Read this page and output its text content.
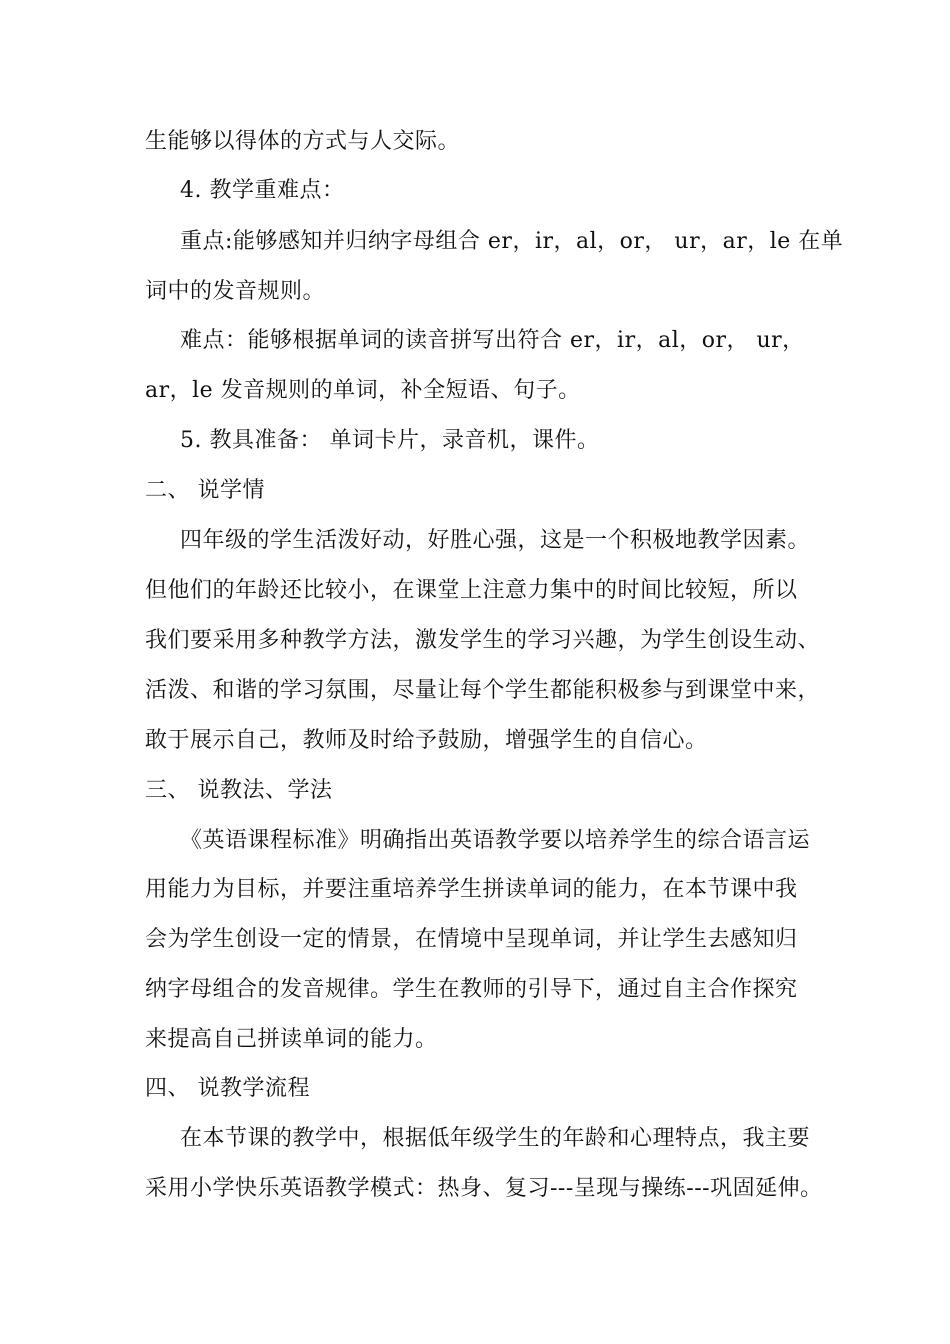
生能够以得体的方式与人交际。
4. 教学重难点：
重点:能够感知并归纳字母组合 er，ir，al，or， ur，ar，le 在单
词中的发音规则。
难点：能够根据单词的读音拼写出符合 er，ir，al，or， ur，
ar，le 发音规则的单词，补全短语、句子。
5. 教具准备： 单词卡片，录音机，课件。
二、 说学情
四年级的学生活泼好动，好胜心强，这是一个积极地教学因素。
但他们的年龄还比较小，在课堂上注意力集中的时间比较短，所以
我们要采用多种教学方法，激发学生的学习兴趣，为学生创设生动、
活泼、和谐的学习氛围，尽量让每个学生都能积极参与到课堂中来，
敢于展示自己，教师及时给予鼓励，增强学生的自信心。
三、 说教法、学法
《英语课程标准》明确指出英语教学要以培养学生的综合语言运
用能力为目标，并要注重培养学生拼读单词的能力，在本节课中我
会为学生创设一定的情景，在情境中呈现单词，并让学生去感知归
纳字母组合的发音规律。学生在教师的引导下，通过自主合作探究
来提高自己拼读单词的能力。
四、 说教学流程
在本节课的教学中，根据低年级学生的年龄和心理特点，我主要
采用小学快乐英语教学模式：热身、复习---呈现与操练---巩固延伸。
